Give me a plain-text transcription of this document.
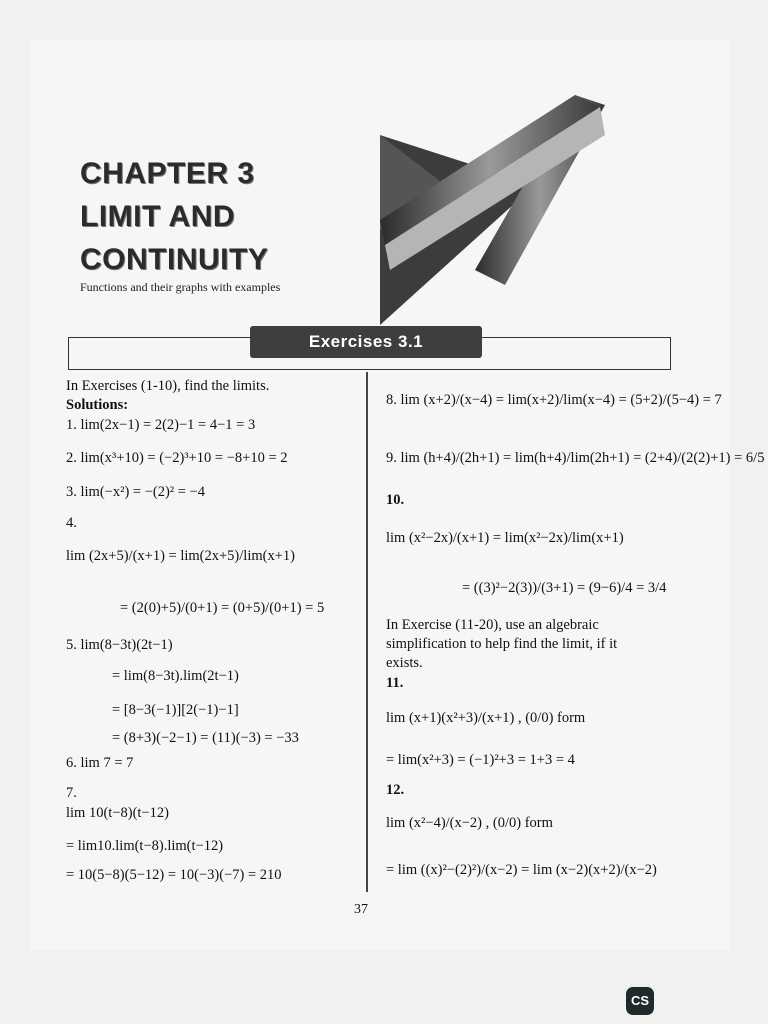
CHAPTER 3
LIMIT AND
CONTINUITY
Functions and their graphs with examples
Exercises 3.1
In Exercises (1-10), find the limits.
Solutions:
1. lim(2x−1) = 2(2)−1 = 4−1 = 3
2. lim(x³+10) = (−2)³+10 = −8+10 = 2
3. lim(−x²) = −(2)² = −4
4.
lim (2x+5)/(x+1) = lim(2x+5)/lim(x+1)
= (2(0)+5)/(0+1) = (0+5)/(0+1) = 5
5. lim(8−3t)(2t−1)
= lim(8−3t).lim(2t−1)
= [8−3(−1)][2(−1)−1]
= (8+3)(−2−1) = (11)(−3) = −33
6. lim 7 = 7
7.
lim 10(t−8)(t−12)
= lim10.lim(t−8).lim(t−12)
= 10(5−8)(5−12) = 10(−3)(−7) = 210
8. lim (x+2)/(x−4) = lim(x+2)/lim(x−4) = (5+2)/(5−4) = 7
9. lim (h+4)/(2h+1) = lim(h+4)/lim(2h+1) = (2+4)/(2(2)+1) = 6/5
10.
lim (x²−2x)/(x+1) = lim(x²−2x)/lim(x+1)
= ((3)²−2(3))/(3+1) = (9−6)/4 = 3/4
In Exercise (11-20), use an algebraic
simplification to help find the limit, if it
exists.
11.
lim (x+1)(x²+3)/(x+1) , (0/0) form
= lim(x²+3) = (−1)²+3 = 1+3 = 4
12.
lim (x²−4)/(x−2) , (0/0) form
= lim ((x)²−(2)²)/(x−2) = lim (x−2)(x+2)/(x−2)
37
CS
